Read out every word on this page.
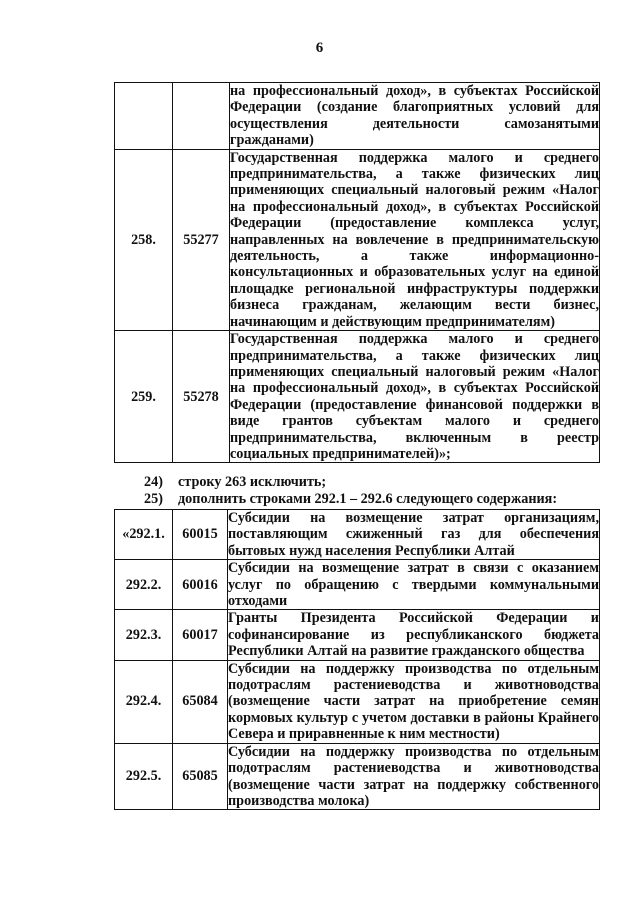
6
		на профессиональный доход», в субъектах Российской Федерации (создание благоприятных условий для осуществления деятельности самозанятыми гражданами)
258.	55277	Государственная поддержка малого и среднего предпринимательства, а также физических лиц применяющих специальный налоговый режим «Налог на профессиональный доход», в субъектах Российской Федерации (предоставление комплекса услуг, направленных на вовлечение в предпринимательскую деятельность, а также информационно-консультационных и образовательных услуг на единой площадке региональной инфраструктуры поддержки бизнеса гражданам, желающим вести бизнес, начинающим и действующим предпринимателям)
259.	55278	Государственная поддержка малого и среднего предпринимательства, а также физических лиц применяющих специальный налоговый режим «Налог на профессиональный доход», в субъектах Российской Федерации (предоставление финансовой поддержки в виде грантов субъектам малого и среднего предпринимательства, включенным в реестр социальных предпринимателей)»;
24) строку 263 исключить;
25) дополнить строками 292.1 – 292.6 следующего содержания:
«292.1.	60015	Субсидии на возмещение затрат организациям, поставляющим сжиженный газ для обеспечения бытовых нужд населения Республики Алтай
292.2.	60016	Субсидии на возмещение затрат в связи с оказанием услуг по обращению с твердыми коммунальными отходами
292.3.	60017	Гранты Президента Российской Федерации и софинансирование из республиканского бюджета Республики Алтай на развитие гражданского общества
292.4.	65084	Субсидии на поддержку производства по отдельным подотраслям растениеводства и животноводства (возмещение части затрат на приобретение семян кормовых культур с учетом доставки в районы Крайнего Севера и приравненные к ним местности)
292.5.	65085	Субсидии на поддержку производства по отдельным подотраслям растениеводства и животноводства (возмещение части затрат на поддержку собственного производства молока)
